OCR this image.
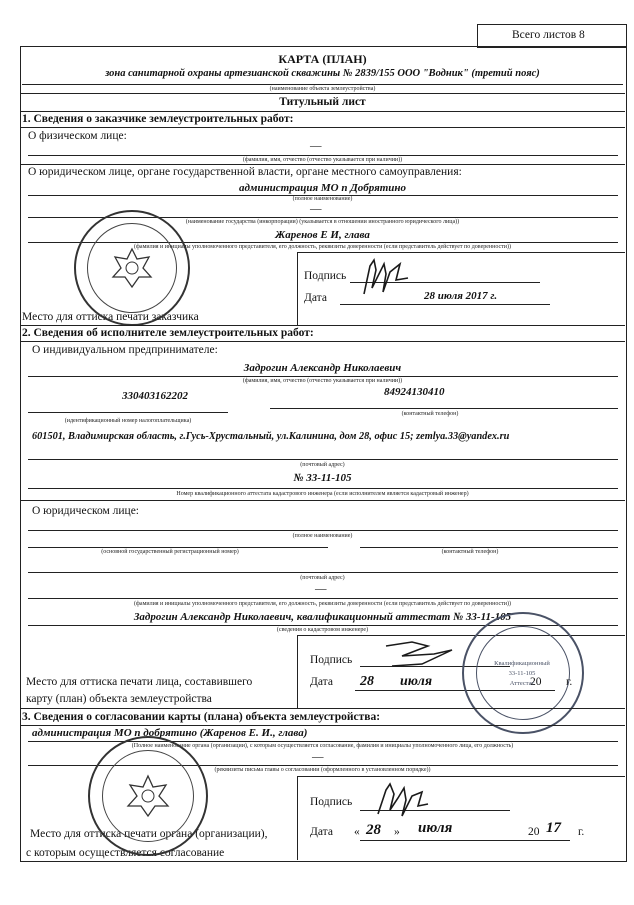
Всего листов 8
КАРТА (ПЛАН)
зона санитарной охраны артезианской скважины № 2839/155 ООО "Водник" (третий пояс)
(наименование объекта землеустройства)
Титульный лист
1. Сведения о заказчике землеустроительных работ:
О физическом лице:
—
(фамилия, имя, отчество (отчество указывается при наличии))
О юридическом лице, органе государственной власти, органе местного самоуправления:
администрация МО п Добрятино
(полное наименование)
—
(наименование государства (инкорпорации) (указывается в отношении иностранного юридического лица))
Жаренов Е И, глава
(фамилия и инициалы уполномоченного представителя, его должность, реквизиты доверенности (если представитель действует по доверенности))
Подпись
Дата	28 июля 2017 г.
Место для оттиска печати заказчика
2. Сведения об исполнителе землеустроительных работ:
О индивидуальном предпринимателе:
Задрогин Александр Николаевич
(фамилия, имя, отчество (отчество указывается при наличии))
330403162202	84924130410
(идентификационный номер налогоплательщика)
(контактный телефон)
601501, Владимирская область, г.Гусь-Хрустальный, ул.Калинина, дом 28, офис 15; zemlya.33@yandex.ru
(почтовый адрес)
№ 33-11-105
Номер квалификационного аттестата кадастрового инженера (если исполнителем является кадастровый инженер)
О юридическом лице:
(полное наименование)
(основной государственный регистрационный номер)	(контактный телефон)
(почтовый адрес)
—
(фамилия и инициалы уполномоченного представителя, его должность, реквизиты доверенности (если представитель действует по доверенности))
Задрогин Александр Николаевич, квалификационный аттестат № 33-11-105
(сведения о кадастровом инженере)
Подпись
Дата 28 июля	20 г.
Место для оттиска печати лица, составившего
карту (план) объекта землеустройства
Квалификационный
33-11-105
Аттестат
3. Сведения о согласовании карты (плана) объекта землеустройства:
администрация МО п добрятино (Жаренов Е. И., глава)
(Полное наименование органа (организации), с которым осуществляется согласование, фамилия и инициалы уполномоченного лица, его должность)
—
(реквизиты письма главы о согласовании (оформленного в установленном порядке))
Подпись
Дата « 28 » июля	20 17 г.
Место для оттиска печати органа (организации),
с которым осуществляется согласование
